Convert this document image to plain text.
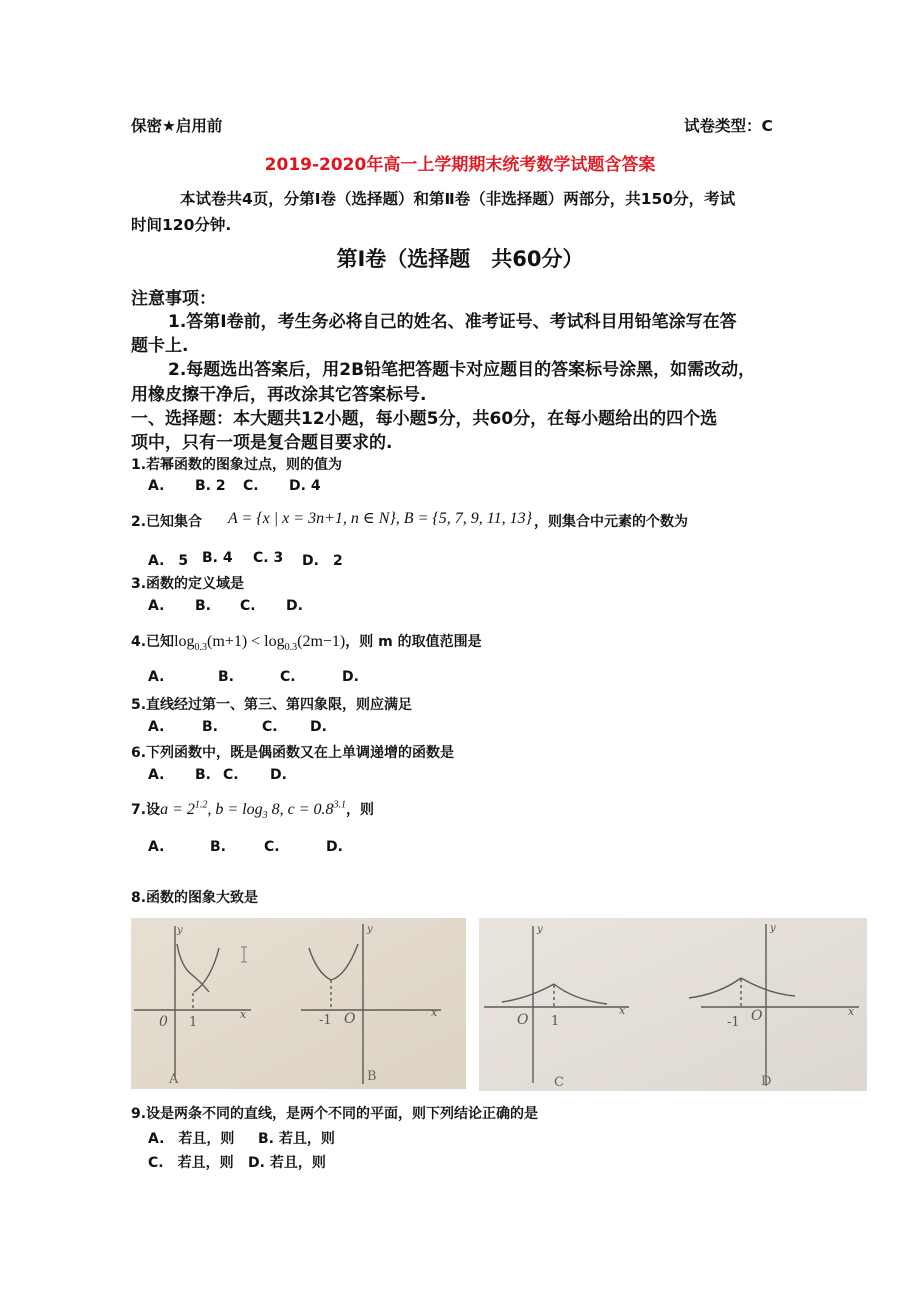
保密★启用前	试卷类型：C
2019-2020年高一上学期期末统考数学试题含答案
本试卷共4页，分第Ⅰ卷（选择题）和第Ⅱ卷（非选择题）两部分，共150分，考试
时间120分钟.
第Ⅰ卷（选择题　共60分）
注意事项：
1.答第Ⅰ卷前，考生务必将自己的姓名、准考证号、考试科目用铅笔涂写在答
题卡上.
2.每题选出答案后，用2B铅笔把答题卡对应题目的答案标号涂黑，如需改动，
用橡皮擦干净后，再改涂其它答案标号.
一、选择题：本大题共12小题，每小题5分，共60分，在每小题给出的四个选
项中，只有一项是复合题目要求的.
1.若幂函数的图象过点，则的值为
A. B. 2 C. D. 4
2.已知集合 A = {x | x = 3n+1, n ∈ N}, B = {5, 7, 9, 11, 13} ，则集合中元素的个数为
A.　5 B. 4 C. 3 D.　2
3.函数的定义域是
A. B. C. D.
4.已知$\log_{0.3}(m+1) < \log_{0.3}(2m-1)$，则 m 的取值范围是
A.	B.	C.	D.
5.直线经过第一、第三、第四象限，则应满足
A.	B.	C. D.
6.下列函数中，既是偶函数又在上单调递增的函数是
A. B. C. D.
7.设$a = 2^{1.2}$, $b = \log_3 8$, $c = 0.8^{3.1}$，则
A.	B.	C.	D.
8.函数的图象大致是
y
x
0 1
A
y
x
-1 O
B
y
x
O 1
C
y
x
-1 O
D
9.设是两条不同的直线，是两个不同的平面，则下列结论正确的是
A.　若且，则 B. 若且，则
C.　若且，则 D. 若且，则
